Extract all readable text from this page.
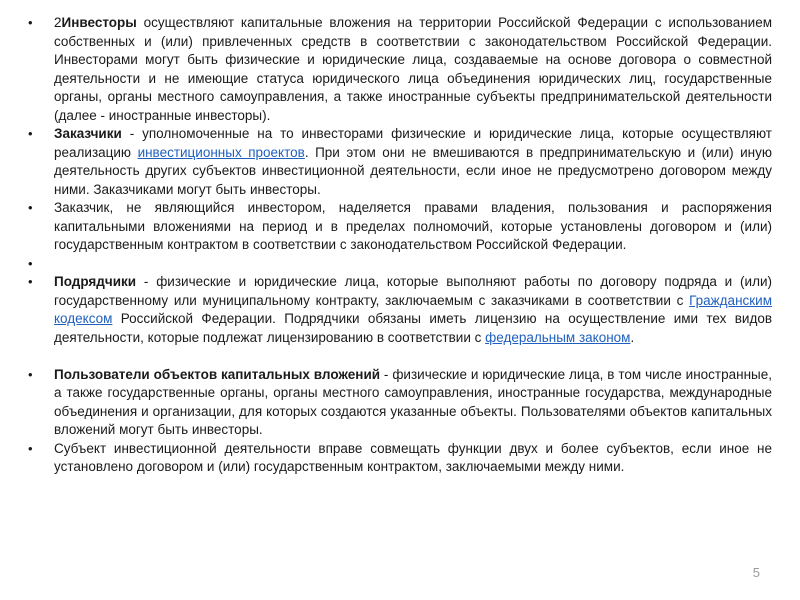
•	2Инвесторы осуществляют капитальные вложения на территории Российской Федерации с использованием собственных и (или) привлеченных средств в соответствии с законодательством Российской Федерации. Инвесторами могут быть физические и юридические лица, создаваемые на основе договора о совместной деятельности и не имеющие статуса юридического лица объединения юридических лиц, государственные органы, органы местного самоуправления, а также иностранные субъекты предпринимательской деятельности (далее - иностранные инвесторы).
•	Заказчики - уполномоченные на то инвесторами физические и юридические лица, которые осуществляют реализацию инвестиционных проектов. При этом они не вмешиваются в предпринимательскую и (или) иную деятельность других субъектов инвестиционной деятельности, если иное не предусмотрено договором между ними. Заказчиками могут быть инвесторы.
•	Заказчик, не являющийся инвестором, наделяется правами владения, пользования и распоряжения капитальными вложениями на период и в пределах полномочий, которые установлены договором и (или) государственным контрактом в соответствии с законодательством Российской Федерации.
•

•	Подрядчики - физические и юридические лица, которые выполняют работы по договору подряда и (или) государственному или муниципальному контракту, заключаемым с заказчиками в соответствии с Гражданским кодексом Российской Федерации. Подрядчики обязаны иметь лицензию на осуществление ими тех видов деятельности, которые подлежат лицензированию в соответствии с федеральным законом.
•	Пользователи объектов капитальных вложений - физические и юридические лица, в том числе иностранные, а также государственные органы, органы местного самоуправления, иностранные государства, международные объединения и организации, для которых создаются указанные объекты. Пользователями объектов капитальных вложений могут быть инвесторы.
•	Субъект инвестиционной деятельности вправе совмещать функции двух и более субъектов, если иное не установлено договором и (или) государственным контрактом, заключаемыми между ними.
5
